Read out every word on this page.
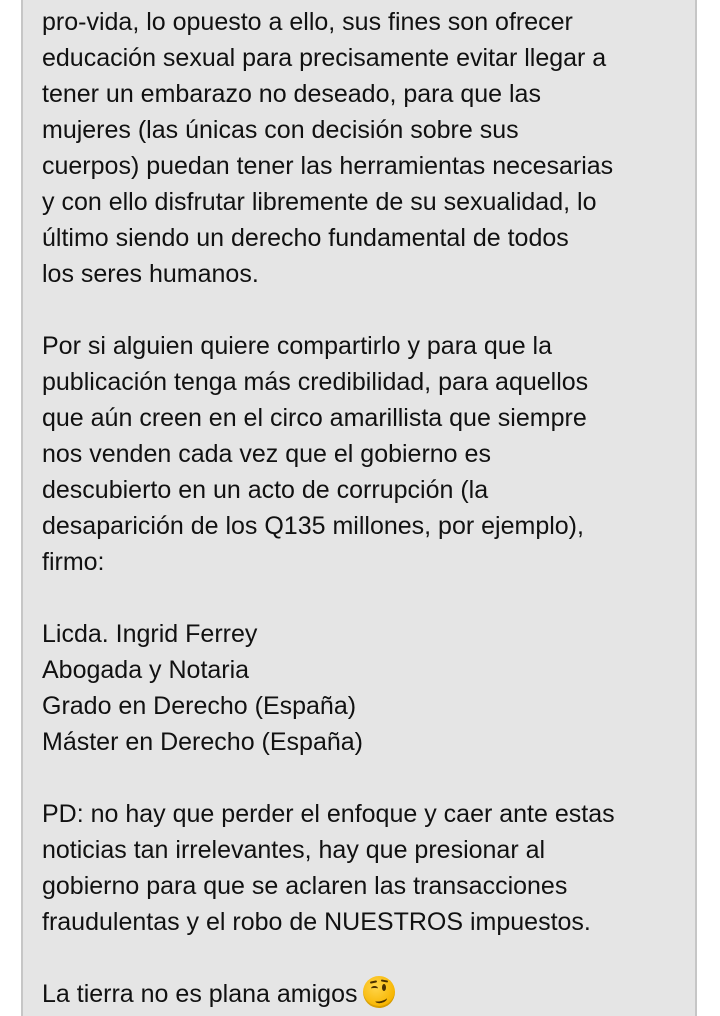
pro-vida, lo opuesto a ello, sus fines son ofrecer
educación sexual para precisamente evitar llegar a
tener un embarazo no deseado, para que las
mujeres (las únicas con decisión sobre sus
cuerpos) puedan tener las herramientas necesarias
y con ello disfrutar libremente de su sexualidad, lo
último siendo un derecho fundamental de todos
los seres humanos.
Por si alguien quiere compartirlo y para que la
publicación tenga más credibilidad, para aquellos
que aún creen en el circo amarillista que siempre
nos venden cada vez que el gobierno es
descubierto en un acto de corrupción (la
desaparición de los Q135 millones, por ejemplo),
firmo:
Licda. Ingrid Ferrey
Abogada y Notaria
Grado en Derecho (España)
Máster en Derecho (España)
PD: no hay que perder el enfoque y caer ante estas
noticias tan irrelevantes, hay que presionar al
gobierno para que se aclaren las transacciones
fraudulentas y el robo de NUESTROS impuestos.
La tierra no es plana amigos
